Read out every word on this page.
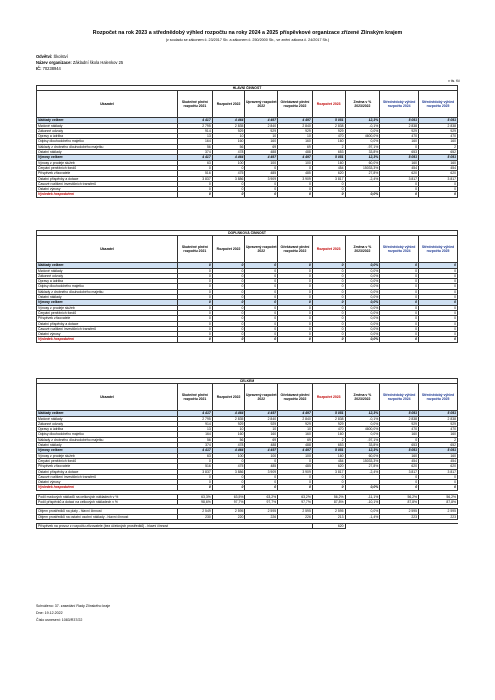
Rozpočet na rok 2023 a střednědobý výhled rozpočtu na roky 2024 a 2025 příspěvkové organizace zřízené Zlínským krajem
(v souladu se zákonem č. 23/2017 Sb. a zákonem č. 250/2000 Sb., ve znění zákona č. 24/2017 Sb.)
Odvětví: Školství
Název organizace: Základní škola Halenkov 25
IČ: 70238944
v tis. Kč
HLAVNÍ ČINNOST								
Ukazatel	Skutečné plnění rozpočtu 2021	Rozpočet 2022	Upravený rozpočet 2022	Očekávané plnění rozpočtu 2022	Rozpočet 2023	Změna v % 2023/2022	Střednědobý výhled rozpočtu 2024	Střednědobý výhled rozpočtu 2025
Náklady celkem	4 417	4 464	4 497	4 497	5 051	12,3%	5 051	5 051
Mzdové náklady	2 795	2 835	2 840	2 840	2 838	-0,1%	2 838	2 838
Zákonné odvody	914	929	929	929	929	0,0%	929	929
Opravy a údržba	13	10	10	10	470	4600,0%	470	470
Odpisy dlouhodobého majetku	164	160	160	160	160	0,0%	160	160
Náklady z drobného dlouhodobého majetku	56	56	69	69	2	-97,1%	0	2
Ostatní náklady	374	478	488	488	653	33,8%	653	652
Výnosy celkem	4 417	4 464	4 497	4 497	5 051	12,3%	5 051	5 051
Výnosy z prodeje služeb	63	100	100	100	160	60,0%	160	160
Čerpání peněžních fondů	0	0	0	0	454	15033,3%	454	454
Příspěvek zřizovatele	516	475	485	485	620	27,8%	620	620
Ostatní příspěvky a dotace	3 837	3 886	3 909	3 909	3 817	-2,4%	3 817	3 817
Časové rozlišení investičních transferů	0	0	0	0	0		0	0
Ostatní výnosy	0	0	0	0	0		0	0
Výsledek hospodaření	0	0	0	0	0	0,0%	0	0
DOPLŇKOVÁ ČINNOST								
Ukazatel	Skutečné plnění rozpočtu 2021	Rozpočet 2022	Upravený rozpočet 2022	Očekávané plnění rozpočtu 2022	Rozpočet 2023	Změna v % 2023/2022	Střednědobý výhled rozpočtu 2024	Střednědobý výhled rozpočtu 2025
Náklady celkem	0	0	0	0	0	0,0%	0	0
Mzdové náklady	0	0	0	0	0	0,0%	0	0
Zákonné odvody	0	0	0	0	0	0,0%	0	0
Opravy a údržba	0	0	0	0	0	0,0%	0	0
Odpisy dlouhodobého majetku	0	0	0	0	0	0,0%	0	0
Náklady z drobného dlouhodobého majetku	0	0	0	0	0	0,0%	0	0
Ostatní náklady	0	0	0	0	0	0,0%	0	0
Výnosy celkem	0	0	0	0	0	0,0%	0	0
Výnosy z prodeje služeb	0	0	0	0	0	0,0%	0	0
Čerpání peněžních fondů	0	0	0	0	0	0,0%	0	0
Příspěvek zřizovatele	0	0	0	0	0	0,0%	0	0
Ostatní příspěvky a dotace	0	0	0	0	0	0,0%	0	0
Časové rozlišení investičních transferů	0	0	0	0	0	0,0%	0	0
Ostatní výnosy	0	0	0	0	0	0,0%	0	0
Výsledek hospodaření	0	0	0	0	0	0,0%	0	0
CELKEM								
Ukazatel	Skutečné plnění rozpočtu 2021	Rozpočet 2022	Upravený rozpočet 2022	Očekávané plnění rozpočtu 2022	Rozpočet 2023	Změna v % 2023/2022	Střednědobý výhled rozpočtu 2024	Střednědobý výhled rozpočtu 2025
Náklady celkem	4 417	4 464	4 497	4 497	5 051	12,3%	5 051	5 051
Mzdové náklady	2 795	2 835	2 840	2 840	2 838	-0,1%	2 838	2 838
Zákonné odvody	914	929	929	929	929	0,0%	929	929
Opravy a údržba	13	10	10	10	470	4600,0%	470	470
Odpisy dlouhodobého majetku	164	160	160	160	160	0,0%	160	160
Náklady z drobného dlouhodobého majetku	56	56	69	69	2	-97,1%	0	2
Ostatní náklady	374	478	488	488	653	33,8%	653	652
Výnosy celkem	4 417	4 464	4 497	4 497	5 051	12,3%	5 051	5 051
Výnosy z prodeje služeb	63	100	100	100	160	60,0%	160	160
Čerpání peněžních fondů	0	0	0	0	454	15033,3%	454	454
Příspěvek zřizovatele	516	475	485	485	620	27,8%	620	620
Ostatní příspěvky a dotace	3 837	3 886	3 909	3 909	3 817	-2,4%	3 817	3 817
Časové rozlišení investičních transferů	0	0	0	0	0		0	0
Ostatní výnosy	0	0	0	0	0		0	0
Výsledek hospodaření	0	0	0	0	0	0,0%	0	0

Podíl mzdových nákladů na celkových nákladech v %	63,3%	63,5%	63,2%	63,2%	56,2%	-11,1%	56,2%	56,2%
Podíl příspěvků a dotací na celkových nákladech v %	98,6%	97,7%	97,7%	97,7%	87,8%	-10,1%	87,8%	87,8%

Objem prostředků na platy - hlavní činnost	2 549	2 595	2 595	2 595	2 595	0,0%	2 595	2 595
Objem prostředků na ostatní osobní náklady - hlavní činnost	230	220	226	226	213	-1,4%	223	223

Příspěvek na provoz z rozpočtu zřizovatele (bez účelových prostředků) - hlavní činnost					620			
Schváleno: 37. zasedání Rady Zlínského kraje
Dne: 19.12.2022
Číslo usnesení: 1083/R37/22
